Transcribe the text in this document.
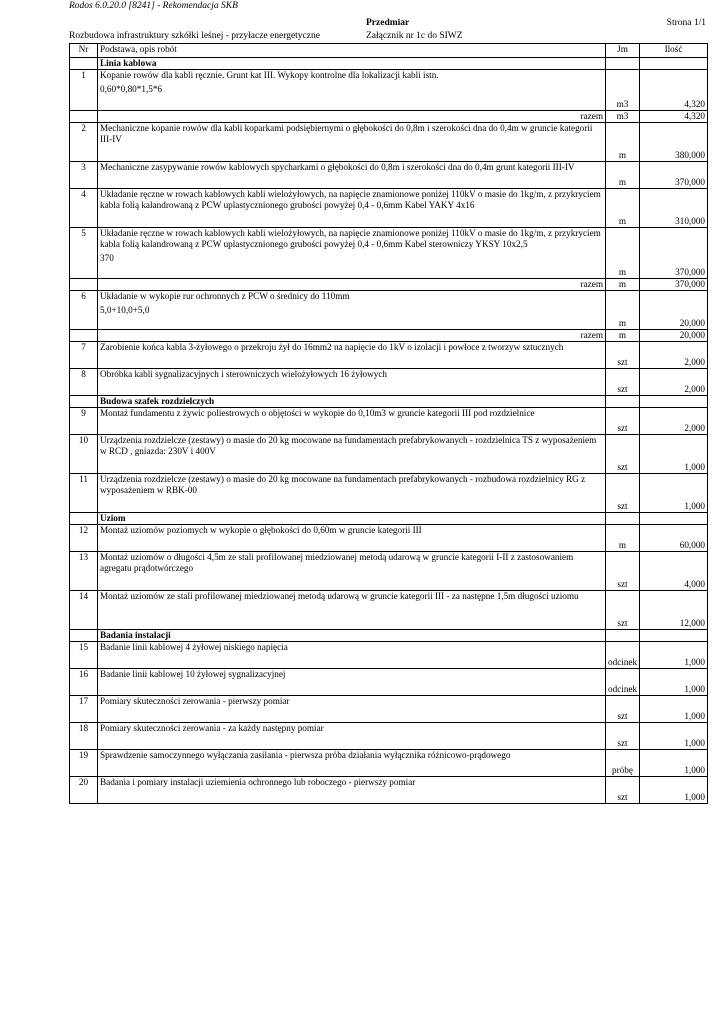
Rodos 6.0.20.0 [8241] - Rekomendacja SKB
Przedmiar	Strona 1/1
Rozbudowa infrastruktury szkółki leśnej - przyłacze energetyczne	Załącznik nr 1c do SIWZ
Nr	Podstawa, opis robót	Jm	Ilość
	Linia kablowa		
1	Kopanie rowów dla kabli ręcznie. Grunt kat III. Wykopy kontrolne dla lokalizacji kabli istn.
0,60*0,80*1,5*6	m3	4,320
	razem	m3	4,320
2	Mechaniczne kopanie rowów dla kabli koparkami podsiębiernymi o głębokości do 0,8m i szerokości dna do 0,4m w gruncie kategorii III-IV	m	380,000
3	Mechaniczne zasypywanie rowów kablowych spycharkami o głębokości do 0,8m i szerokości dna do 0,4m grunt kategorii III-IV	m	370,000
4	Układanie ręczne w rowach kablowych kabli wielożyłowych, na napięcie znamionowe poniżej 110kV o masie do 1kg/m, z przykryciem kabla folią kalandrowaną z PCW uplastycznionego grubości powyżej 0,4 - 0,6mm Kabel YAKY 4x16	m	310,000
5	Układanie ręczne w rowach kablowych kabli wielożyłowych, na napięcie znamionowe poniżej 110kV o masie do 1kg/m, z przykryciem kabla folią kalandrowaną z PCW uplastycznionego grubości powyżej 0,4 - 0,6mm Kabel sterowniczy YKSY 10x2,5
370	m	370,000
	razem	m	370,000
6	Układanie w wykopie rur ochronnych z PCW o średnicy do 110mm
5,0+10,0+5,0	m	20,000
	razem	m	20,000
7	Zarobienie końca kabla 3-żyłowego o przekroju żył do 16mm2 na napięcie do 1kV o izolacji i powłoce z tworzyw sztucznych	szt	2,000
8	Obróbka kabli sygnalizacyjnych i sterowniczych wielożyłowych 16 żyłowych	szt	2,000
	Budowa szafek rozdzielczych		
9	Montaż fundamentu z żywic poliestrowych o objętości w wykopie do 0,10m3 w gruncie kategorii III pod rozdzielnice	szt	2,000
10	Urządzenia rozdzielcze (zestawy) o masie do 20 kg mocowane na fundamentach prefabrykowanych - rozdzielnica TS z wyposażeniem w RCD , gniazda: 230V i 400V	szt	1,000
11	Urządzenia rozdzielcze (zestawy) o masie do 20 kg mocowane na fundamentach prefabrykowanych - rozbudowa rozdzielnicy RG z wyposażeniem w RBK-00	szt	1,000
	Uziom		
12	Montaż uziomów poziomych w wykopie o głębokości do 0,60m w gruncie kategorii III	m	60,000
13	Montaż uziomów o długości 4,5m ze stali profilowanej miedziowanej metodą udarową w gruncie kategorii I-II z zastosowaniem agregatu prądotwórczego	szt	4,000
14	Montaż uziomów ze stali profilowanej miedziowanej metodą udarową w gruncie kategorii III - za następne 1,5m długości uziomu	szt	12,000
	Badania instalacji		
15	Badanie linii kablowej 4 żyłowej niskiego napięcia	odcinek	1,000
16	Badanie linii kablowej 10 żyłowej sygnalizacyjnej	odcinek	1,000
17	Pomiary skuteczności zerowania - pierwszy pomiar	szt	1,000
18	Pomiary skuteczności zerowania - za każdy następny pomiar	szt	1,000
19	Sprawdzenie samoczynnego wyłączania zasilania - pierwsza próba działania wyłącznika różnicowo-prądowego	próbę	1,000
20	Badania i pomiary instalacji uziemienia ochronnego lub roboczego - pierwszy pomiar	szt	1,000
